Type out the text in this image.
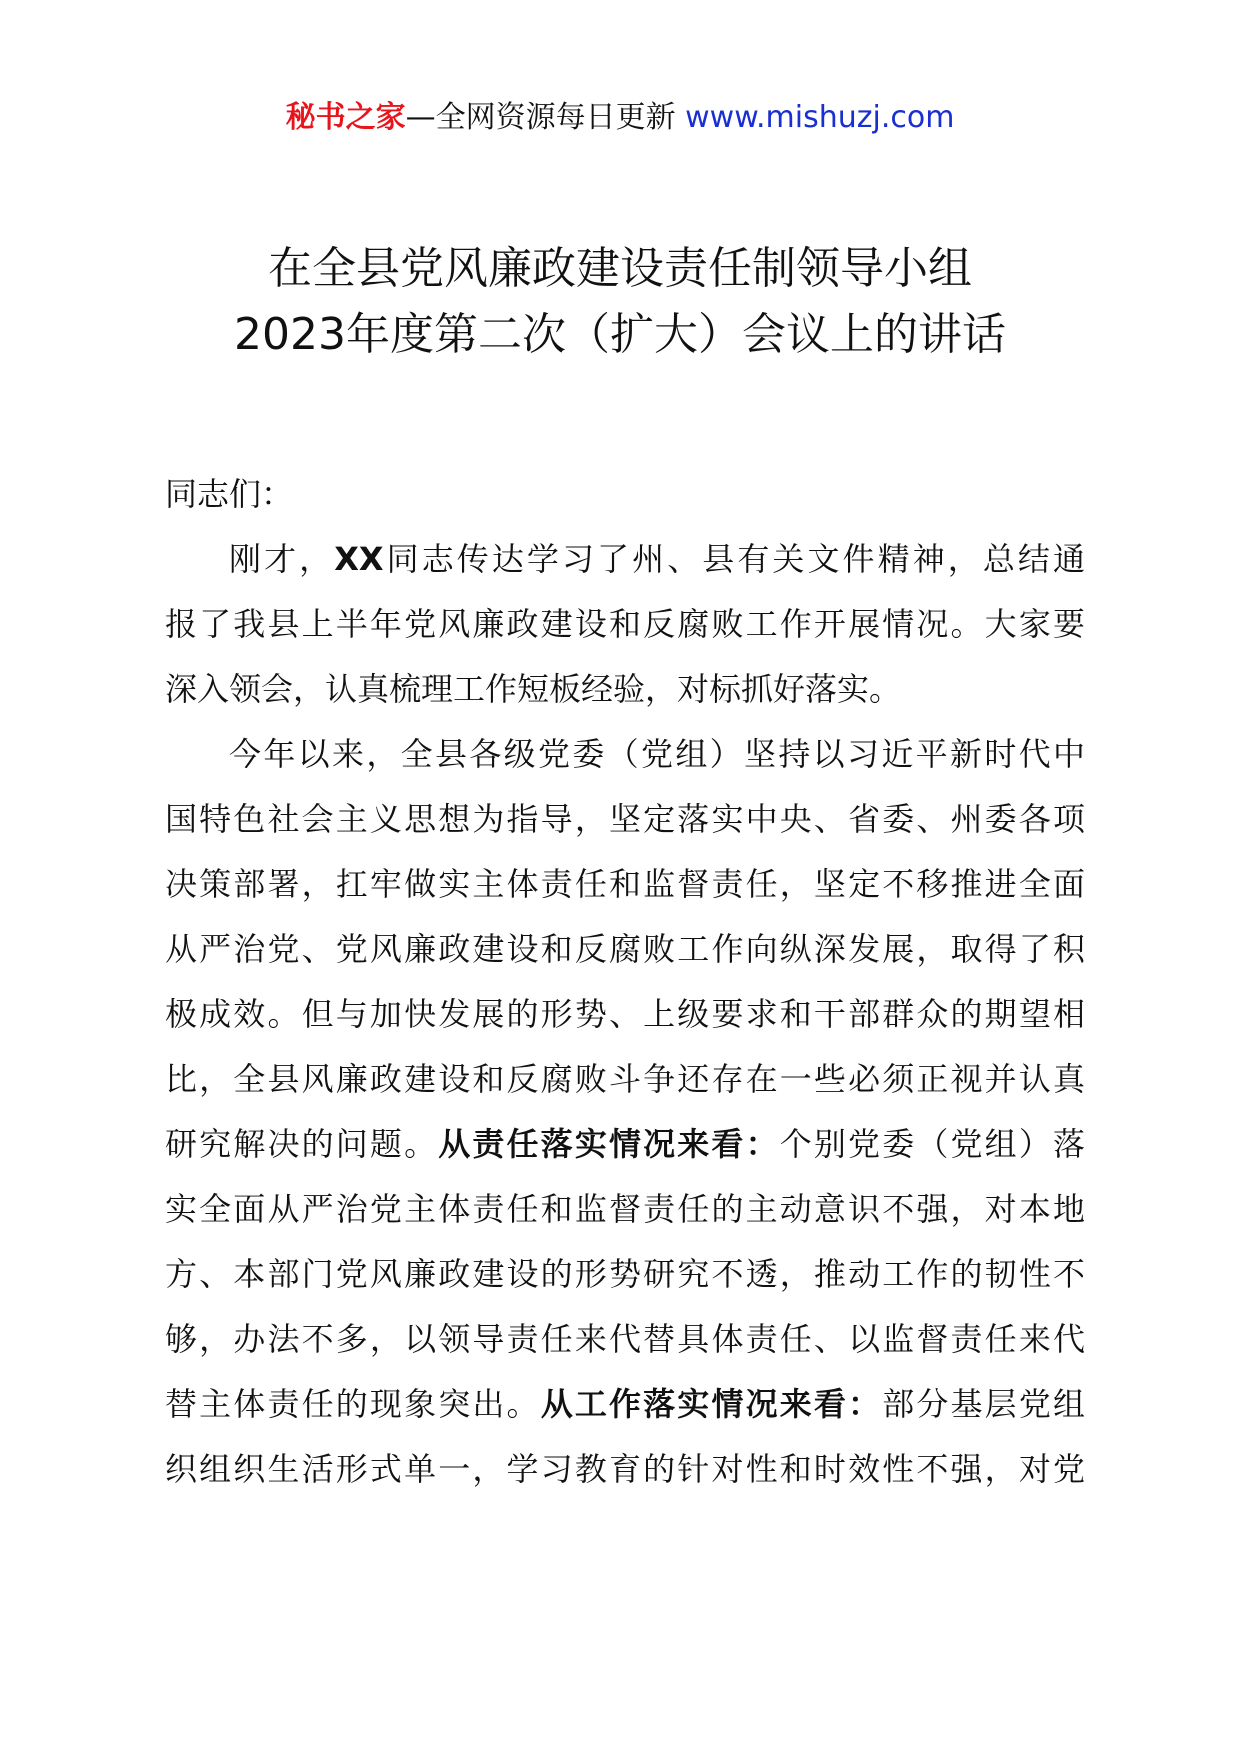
秘书之家—全网资源每日更新 www.mishuzj.com
在全县党风廉政建设责任制领导小组
2023年度第二次（扩大）会议上的讲话

同志们：

刚才，XX同志传达学习了州、县有关文件精神，总结通
报了我县上半年党风廉政建设和反腐败工作开展情况。大家要
深入领会，认真梳理工作短板经验，对标抓好落实。

今年以来，全县各级党委（党组）坚持以习近平新时代中
国特色社会主义思想为指导，坚定落实中央、省委、州委各项
决策部署，扛牢做实主体责任和监督责任，坚定不移推进全面
从严治党、党风廉政建设和反腐败工作向纵深发展，取得了积
极成效。但与加快发展的形势、上级要求和干部群众的期望相
比，全县风廉政建设和反腐败斗争还存在一些必须正视并认真
研究解决的问题。从责任落实情况来看：个别党委（党组）落
实全面从严治党主体责任和监督责任的主动意识不强，对本地
方、本部门党风廉政建设的形势研究不透，推动工作的韧性不
够，办法不多，以领导责任来代替具体责任、以监督责任来代
替主体责任的现象突出。从工作落实情况来看：部分基层党组
织组织生活形式单一，学习教育的针对性和时效性不强，对党
